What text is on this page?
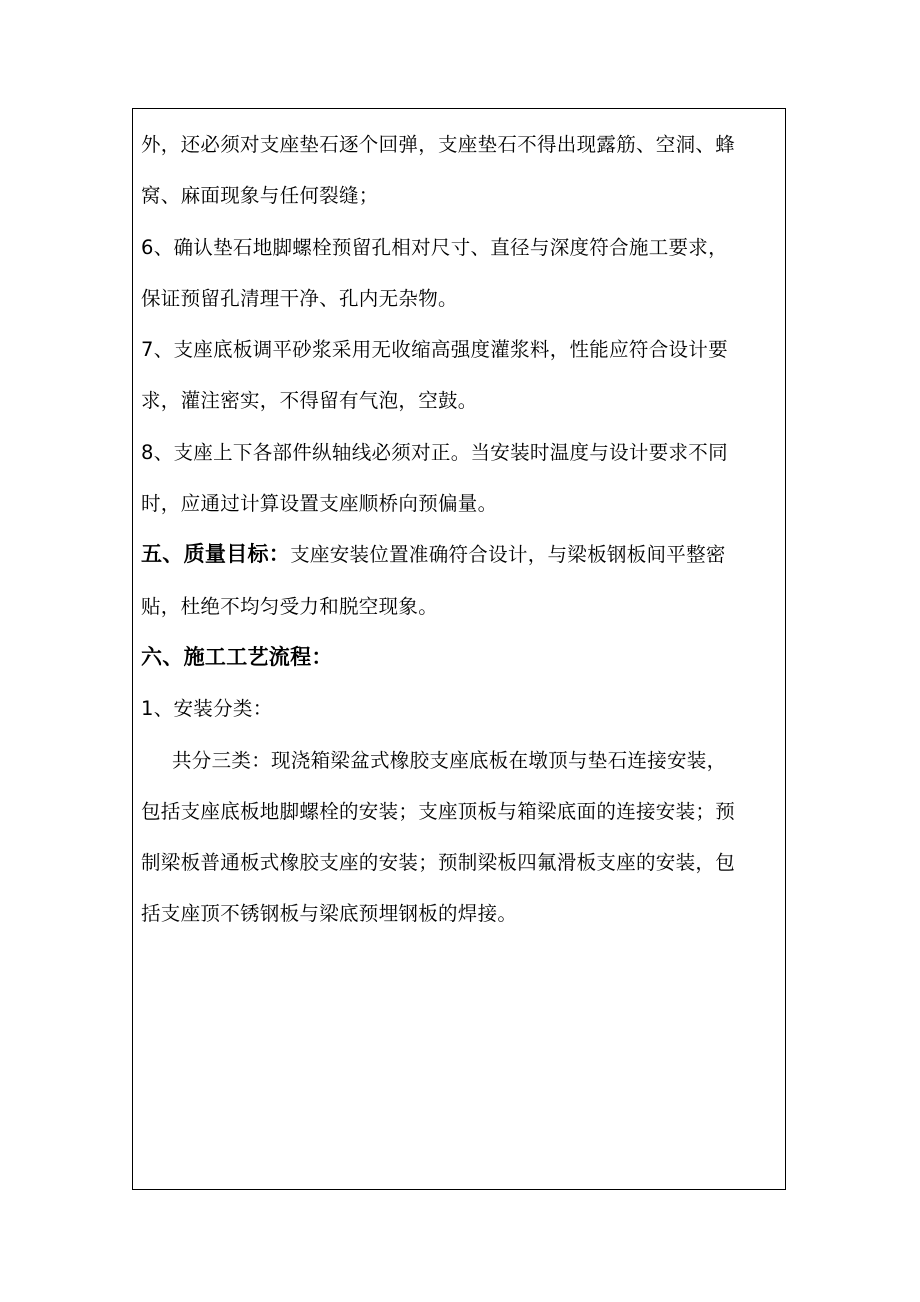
外，还必须对支座垫石逐个回弹，支座垫石不得出现露筋、空洞、蜂
窝、麻面现象与任何裂缝；
6、确认垫石地脚螺栓预留孔相对尺寸、直径与深度符合施工要求，
保证预留孔清理干净、孔内无杂物。
7、支座底板调平砂浆采用无收缩高强度灌浆料，性能应符合设计要
求，灌注密实，不得留有气泡，空鼓。
8、支座上下各部件纵轴线必须对正。当安装时温度与设计要求不同
时，应通过计算设置支座顺桥向预偏量。
五、质量目标：支座安装位置准确符合设计，与梁板钢板间平整密
贴，杜绝不均匀受力和脱空现象。
六、施工工艺流程：
1、安装分类：
共分三类：现浇箱梁盆式橡胶支座底板在墩顶与垫石连接安装，
包括支座底板地脚螺栓的安装；支座顶板与箱梁底面的连接安装；预
制梁板普通板式橡胶支座的安装；预制梁板四氟滑板支座的安装，包
括支座顶不锈钢板与梁底预埋钢板的焊接。
